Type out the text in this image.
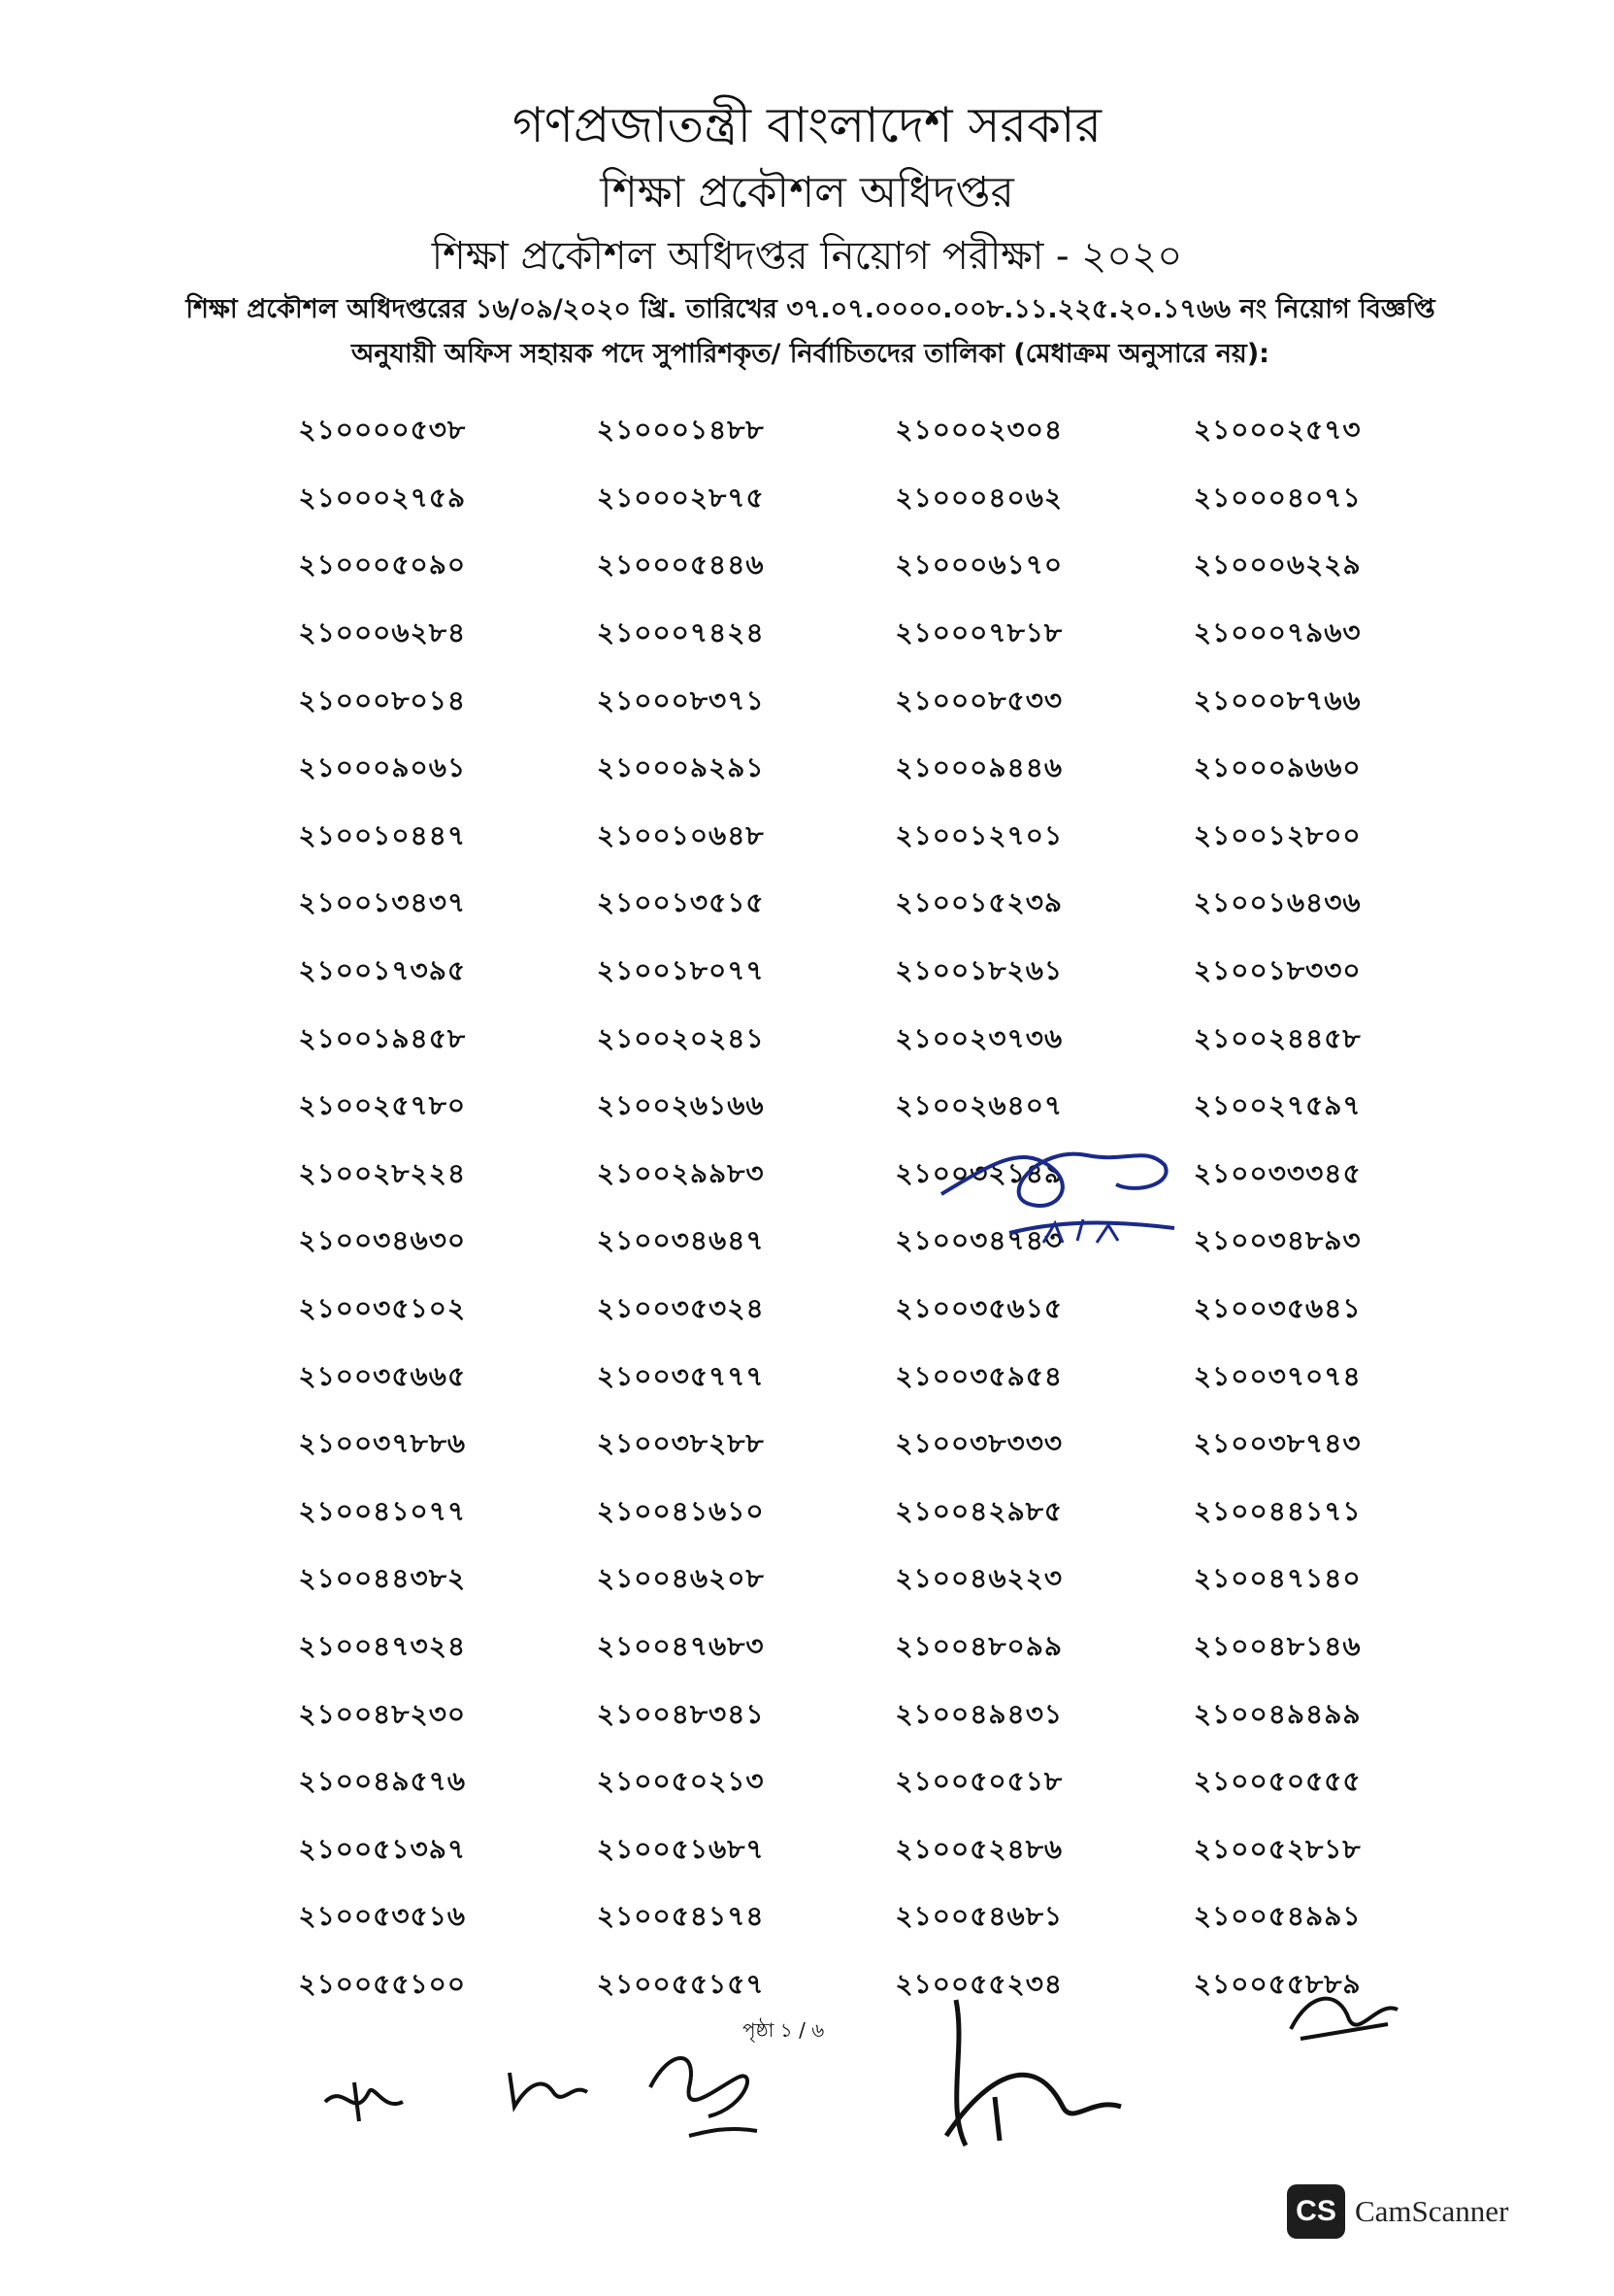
গণপ্রজাতন্ত্রী বাংলাদেশ সরকার
শিক্ষা প্রকৌশল অধিদপ্তর
শিক্ষা প্রকৌশল অধিদপ্তর নিয়োগ পরীক্ষা - ২০২০
শিক্ষা প্রকৌশল অধিদপ্তরের ১৬/০৯/২০২০ খ্রি. তারিখের ৩৭.০৭.০০০০.০০৮.১১.২২৫.২০.১৭৬৬ নং নিয়োগ বিজ্ঞপ্তি
অনুযায়ী অফিস সহায়ক পদে সুপারিশকৃত/ নির্বাচিতদের তালিকা (মেধাক্রম অনুসারে নয়):
২১০০০০৫৩৮	২১০০০১৪৮৮	২১০০০২৩০৪	২১০০০২৫৭৩
২১০০০২৭৫৯	২১০০০২৮৭৫	২১০০০৪০৬২	২১০০০৪০৭১
২১০০০৫০৯০	২১০০০৫৪৪৬	২১০০০৬১৭০	২১০০০৬২২৯
২১০০০৬২৮৪	২১০০০৭৪২৪	২১০০০৭৮১৮	২১০০০৭৯৬৩
২১০০০৮০১৪	২১০০০৮৩৭১	২১০০০৮৫৩৩	২১০০০৮৭৬৬
২১০০০৯০৬১	২১০০০৯২৯১	২১০০০৯৪৪৬	২১০০০৯৬৬০
২১০০১০৪৪৭	২১০০১০৬৪৮	২১০০১২৭০১	২১০০১২৮০০
২১০০১৩৪৩৭	২১০০১৩৫১৫	২১০০১৫২৩৯	২১০০১৬৪৩৬
২১০০১৭৩৯৫	২১০০১৮০৭৭	২১০০১৮২৬১	২১০০১৮৩৩০
২১০০১৯৪৫৮	২১০০২০২৪১	২১০০২৩৭৩৬	২১০০২৪৪৫৮
২১০০২৫৭৮০	২১০০২৬১৬৬	২১০০২৬৪০৭	২১০০২৭৫৯৭
২১০০২৮২২৪	২১০০২৯৯৮৩	২১০০৩২১৪৯	২১০০৩৩৩৪৫
২১০০৩৪৬৩০	২১০০৩৪৬৪৭	২১০০৩৪৭৪৩	২১০০৩৪৮৯৩
২১০০৩৫১০২	২১০০৩৫৩২৪	২১০০৩৫৬১৫	২১০০৩৫৬৪১
২১০০৩৫৬৬৫	২১০০৩৫৭৭৭	২১০০৩৫৯৫৪	২১০০৩৭০৭৪
২১০০৩৭৮৮৬	২১০০৩৮২৮৮	২১০০৩৮৩৩৩	২১০০৩৮৭৪৩
২১০০৪১০৭৭	২১০০৪১৬১০	২১০০৪২৯৮৫	২১০০৪৪১৭১
২১০০৪৪৩৮২	২১০০৪৬২০৮	২১০০৪৬২২৩	২১০০৪৭১৪০
২১০০৪৭৩২৪	২১০০৪৭৬৮৩	২১০০৪৮০৯৯	২১০০৪৮১৪৬
২১০০৪৮২৩০	২১০০৪৮৩৪১	২১০০৪৯৪৩১	২১০০৪৯৪৯৯
২১০০৪৯৫৭৬	২১০০৫০২১৩	২১০০৫০৫১৮	২১০০৫০৫৫৫
২১০০৫১৩৯৭	২১০০৫১৬৮৭	২১০০৫২৪৮৬	২১০০৫২৮১৮
২১০০৫৩৫১৬	২১০০৫৪১৭৪	২১০০৫৪৬৮১	২১০০৫৪৯৯১
২১০০৫৫১০০	২১০০৫৫১৫৭	২১০০৫৫২৩৪	২১০০৫৫৮৮৯
পৃষ্ঠা ১ / ৬
CS CamScanner
